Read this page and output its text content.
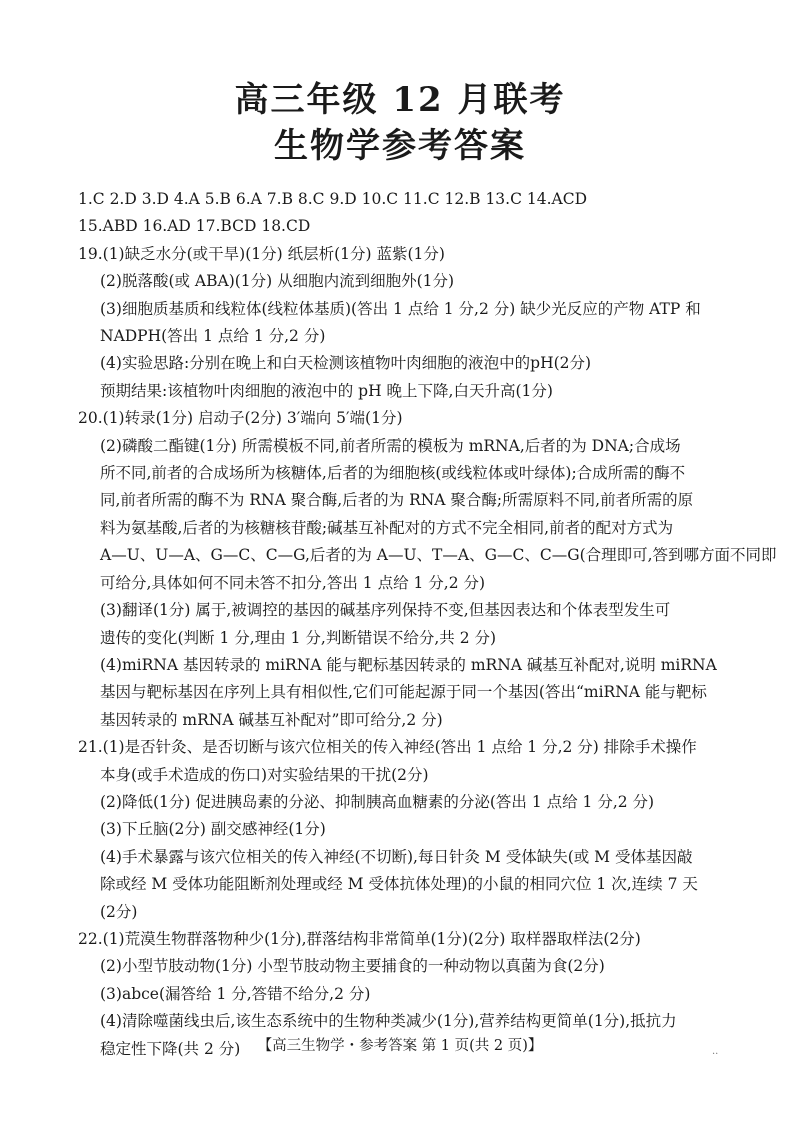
高三年级 12 月联考
生物学参考答案

1.C 2.D 3.D 4.A 5.B 6.A 7.B 8.C 9.D 10.C 11.C 12.B 13.C 14.ACD

15.ABD 16.AD 17.BCD 18.CD

19.(1)缺乏水分(或干旱)(1分) 纸层析(1分) 蓝紫(1分)

(2)脱落酸(或 ABA)(1分) 从细胞内流到细胞外(1分)

(3)细胞质基质和线粒体(线粒体基质)(答出 1 点给 1 分,2 分) 缺少光反应的产物 ATP 和

NADPH(答出 1 点给 1 分,2 分)

(4)实验思路:分别在晚上和白天检测该植物叶肉细胞的液泡中的pH(2分)

预期结果:该植物叶肉细胞的液泡中的 pH 晚上下降,白天升高(1分)

20.(1)转录(1分) 启动子(2分) 3′端向 5′端(1分)

(2)磷酸二酯键(1分) 所需模板不同,前者所需的模板为 mRNA,后者的为 DNA;合成场

所不同,前者的合成场所为核糖体,后者的为细胞核(或线粒体或叶绿体);合成所需的酶不

同,前者所需的酶不为 RNA 聚合酶,后者的为 RNA 聚合酶;所需原料不同,前者所需的原

料为氨基酸,后者的为核糖核苷酸;碱基互补配对的方式不完全相同,前者的配对方式为

A—U、U—A、G—C、C—G,后者的为 A—U、T—A、G—C、C—G(合理即可,答到哪方面不同即

可给分,具体如何不同未答不扣分,答出 1 点给 1 分,2 分)

(3)翻译(1分) 属于,被调控的基因的碱基序列保持不变,但基因表达和个体表型发生可

遗传的变化(判断 1 分,理由 1 分,判断错误不给分,共 2 分)

(4)miRNA 基因转录的 miRNA 能与靶标基因转录的 mRNA 碱基互补配对,说明 miRNA

基因与靶标基因在序列上具有相似性,它们可能起源于同一个基因(答出“miRNA 能与靶标

基因转录的 mRNA 碱基互补配对”即可给分,2 分)

21.(1)是否针灸、是否切断与该穴位相关的传入神经(答出 1 点给 1 分,2 分) 排除手术操作

本身(或手术造成的伤口)对实验结果的干扰(2分)

(2)降低(1分) 促进胰岛素的分泌、抑制胰高血糖素的分泌(答出 1 点给 1 分,2 分)

(3)下丘脑(2分) 副交感神经(1分)

(4)手术暴露与该穴位相关的传入神经(不切断),每日针灸 M 受体缺失(或 M 受体基因敲

除或经 M 受体功能阻断剂处理或经 M 受体抗体处理)的小鼠的相同穴位 1 次,连续 7 天

(2分)

22.(1)荒漠生物群落物种少(1分),群落结构非常简单(1分)(2分) 取样器取样法(2分)

(2)小型节肢动物(1分) 小型节肢动物主要捕食的一种动物以真菌为食(2分)

(3)abce(漏答给 1 分,答错不给分,2 分)

(4)清除噬菌线虫后,该生态系统中的生物种类减少(1分),营养结构更简单(1分),抵抗力

稳定性下降(共 2 分)	【高三生物学・参考答案 第 1 页(共 2 页)】	..
